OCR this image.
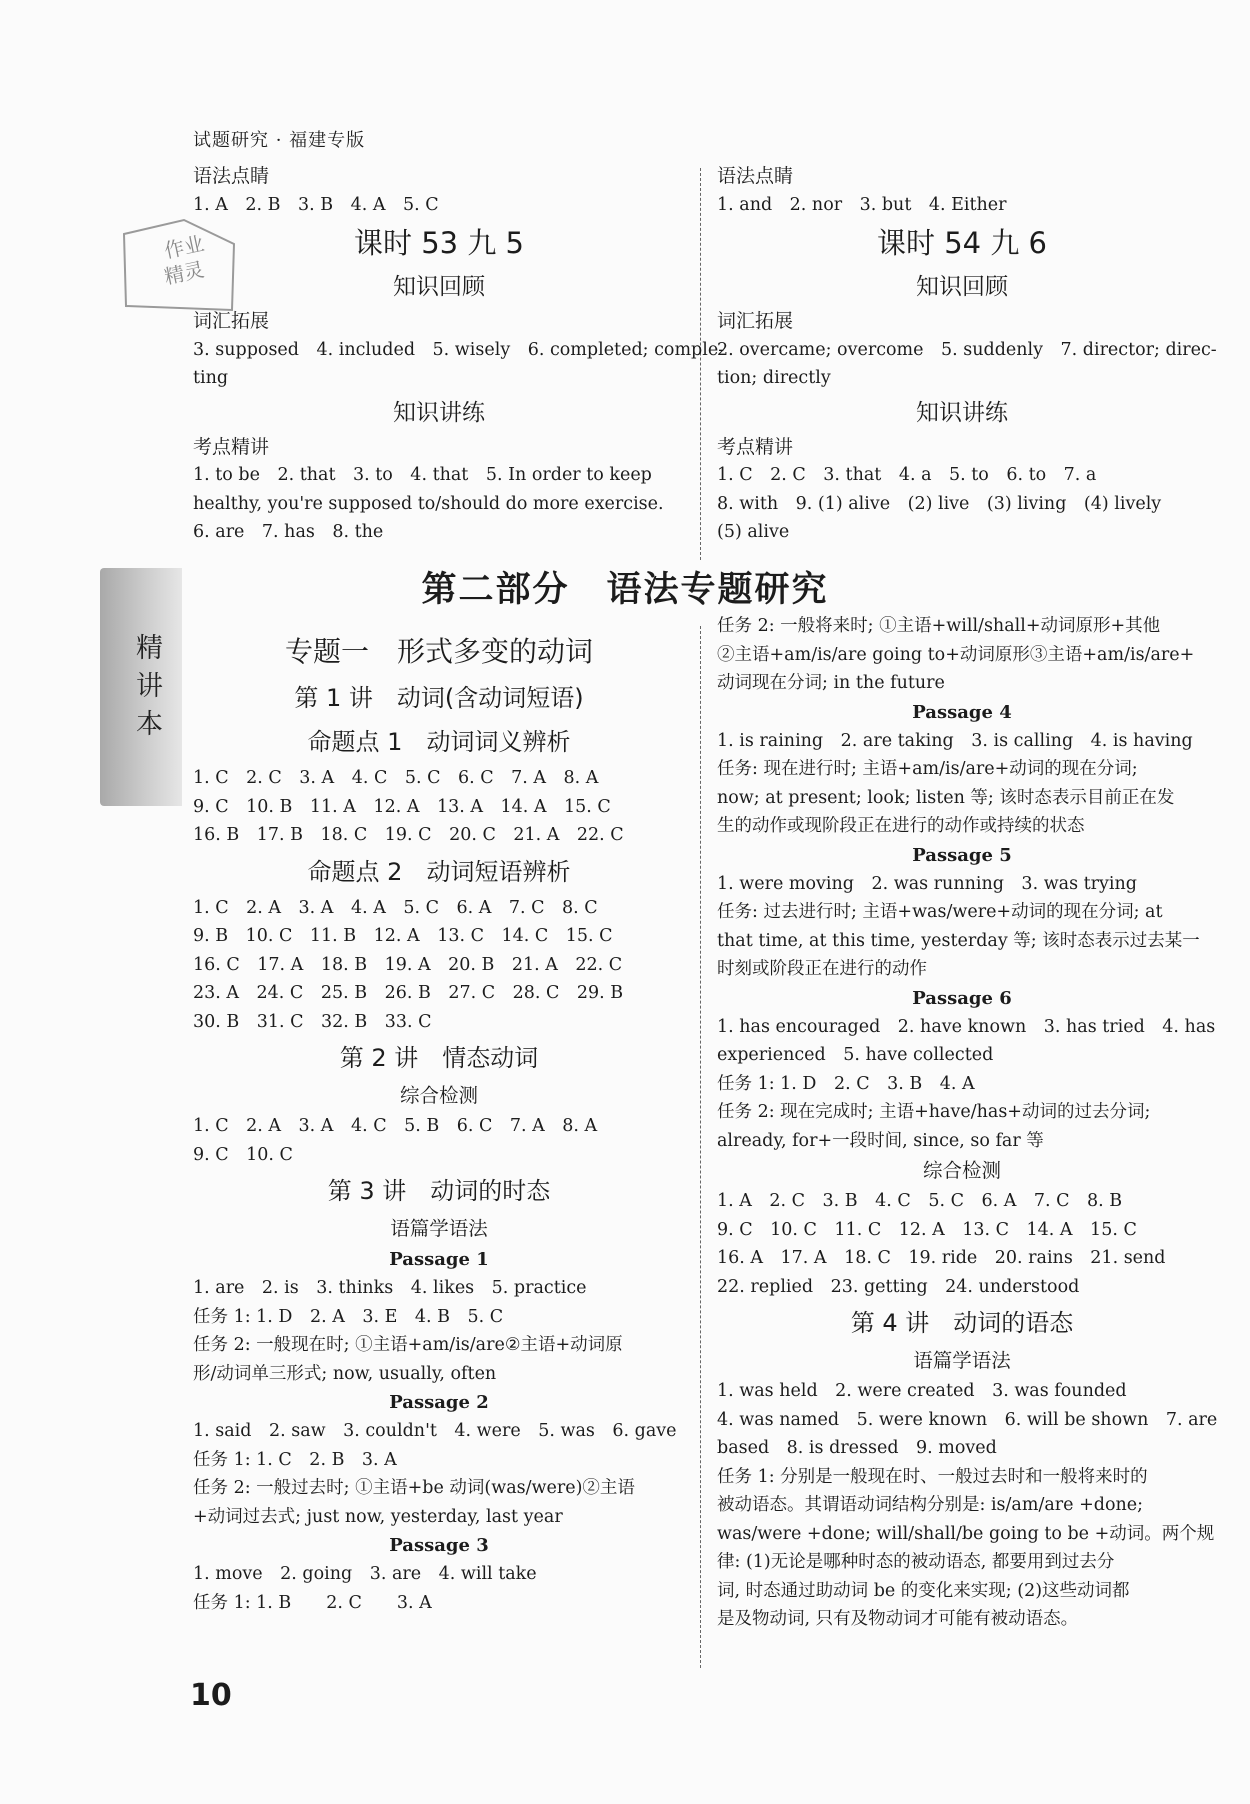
试题研究 · 福建专版
作业
精灵
精讲本
语法点睛
1. A　2. B　3. B　4. A　5. C
课时 53 九 5
知识回顾
词汇拓展
3. supposed　4. included　5. wisely　6. completed; comple-
ting
知识讲练
考点精讲
1. to be　2. that　3. to　4. that　5. In order to keep
healthy, you're supposed to/should do more exercise.
6. are　7. has　8. the
语法点睛
1. and　2. nor　3. but　4. Either
课时 54 九 6
知识回顾
词汇拓展
2. overcame; overcome　5. suddenly　7. director; direc-
tion; directly
知识讲练
考点精讲
1. C　2. C　3. that　4. a　5. to　6. to　7. a
8. with　9. (1) alive　(2) live　(3) living　(4) lively
(5) alive
第二部分　语法专题研究
专题一　形式多变的动词
第 1 讲　动词(含动词短语)
命题点 1　动词词义辨析
1. C　2. C　3. A　4. C　5. C　6. C　7. A　8. A
9. C　10. B　11. A　12. A　13. A　14. A　15. C
16. B　17. B　18. C　19. C　20. C　21. A　22. C
命题点 2　动词短语辨析
1. C　2. A　3. A　4. A　5. C　6. A　7. C　8. C
9. B　10. C　11. B　12. A　13. C　14. C　15. C
16. C　17. A　18. B　19. A　20. B　21. A　22. C
23. A　24. C　25. B　26. B　27. C　28. C　29. B
30. B　31. C　32. B　33. C
第 2 讲　情态动词
综合检测
1. C　2. A　3. A　4. C　5. B　6. C　7. A　8. A
9. C　10. C
第 3 讲　动词的时态
语篇学语法
Passage 1
1. are　2. is　3. thinks　4. likes　5. practice
任务 1: 1. D　2. A　3. E　4. B　5. C
任务 2: 一般现在时; ①主语+am/is/are②主语+动词原
形/动词单三形式; now, usually, often
Passage 2
1. said　2. saw　3. couldn't　4. were　5. was　6. gave
任务 1: 1. C　2. B　3. A
任务 2: 一般过去时; ①主语+be 动词(was/were)②主语
+动词过去式; just now, yesterday, last year
Passage 3
1. move　2. going　3. are　4. will take
任务 1: 1. B　　2. C　　3. A
任务 2: 一般将来时; ①主语+will/shall+动词原形+其他
②主语+am/is/are going to+动词原形③主语+am/is/are+
动词现在分词; in the future
Passage 4
1. is raining　2. are taking　3. is calling　4. is having
任务: 现在进行时; 主语+am/is/are+动词的现在分词;
now; at present; look; listen 等; 该时态表示目前正在发
生的动作或现阶段正在进行的动作或持续的状态
Passage 5
1. were moving　2. was running　3. was trying
任务: 过去进行时; 主语+was/were+动词的现在分词; at
that time, at this time, yesterday 等; 该时态表示过去某一
时刻或阶段正在进行的动作
Passage 6
1. has encouraged　2. have known　3. has tried　4. has
experienced　5. have collected
任务 1: 1. D　2. C　3. B　4. A
任务 2: 现在完成时; 主语+have/has+动词的过去分词;
already, for+一段时间, since, so far 等
综合检测
1. A　2. C　3. B　4. C　5. C　6. A　7. C　8. B
9. C　10. C　11. C　12. A　13. C　14. A　15. C
16. A　17. A　18. C　19. ride　20. rains　21. send
22. replied　23. getting　24. understood
第 4 讲　动词的语态
语篇学语法
1. was held　2. were created　3. was founded
4. was named　5. were known　6. will be shown　7. are
based　8. is dressed　9. moved
任务 1: 分别是一般现在时、一般过去时和一般将来时的
被动语态。其谓语动词结构分别是: is/am/are +done;
was/were +done; will/shall/be going to be +动词。两个规
律: (1)无论是哪种时态的被动语态, 都要用到过去分
词, 时态通过助动词 be 的变化来实现; (2)这些动词都
是及物动词, 只有及物动词才可能有被动语态。
10
